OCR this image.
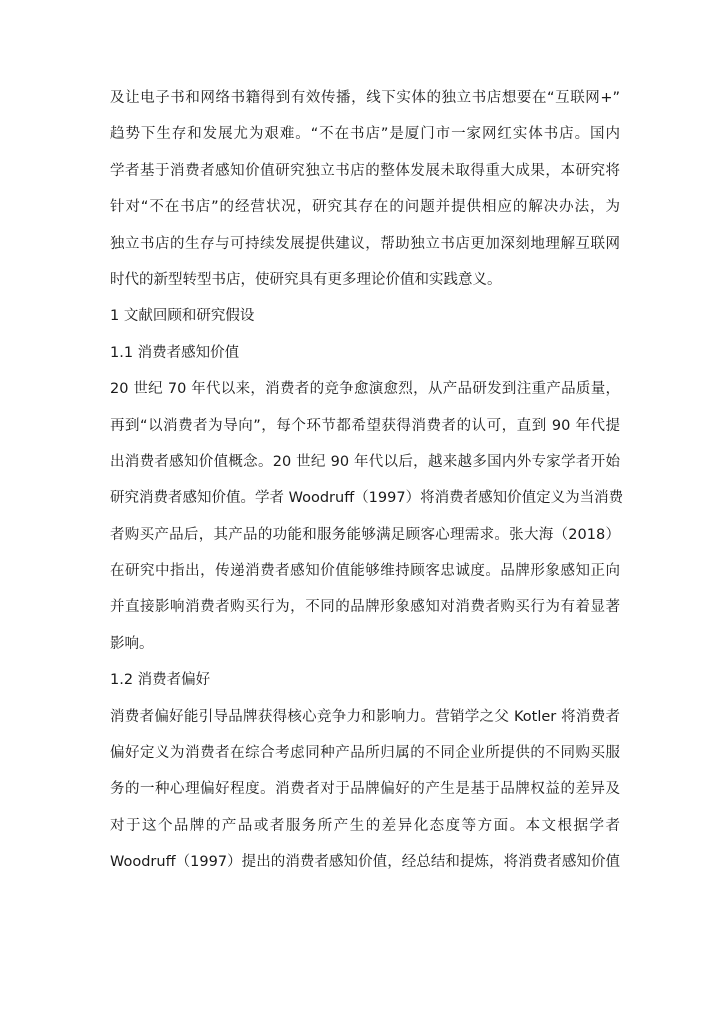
及让电子书和网络书籍得到有效传播，线下实体的独立书店想要在“互联网+”

趋势下生存和发展尤为艰难。“不在书店”是厦门市一家网红实体书店。国内

学者基于消费者感知价值研究独立书店的整体发展未取得重大成果，本研究将

针对“不在书店”的经营状况，研究其存在的问题并提供相应的解决办法，为

独立书店的生存与可持续发展提供建议，帮助独立书店更加深刻地理解互联网

时代的新型转型书店，使研究具有更多理论价值和实践意义。

1 文献回顾和研究假设
1.1 消费者感知价值

20 世纪 70 年代以来，消费者的竞争愈演愈烈，从产品研发到注重产品质量，

再到“以消费者为导向”，每个环节都希望获得消费者的认可，直到 90 年代提

出消费者感知价值概念。20 世纪 90 年代以后，越来越多国内外专家学者开始

研究消费者感知价值。学者 Woodruff（1997）将消费者感知价值定义为当消费

者购买产品后，其产品的功能和服务能够满足顾客心理需求。张大海（2018）

在研究中指出，传递消费者感知价值能够维持顾客忠诚度。品牌形象感知正向

并直接影响消费者购买行为，不同的品牌形象感知对消费者购买行为有着显著

影响。

1.2 消费者偏好

消费者偏好能引导品牌获得核心竞争力和影响力。营销学之父 Kotler 将消费者

偏好定义为消费者在综合考虑同种产品所归属的不同企业所提供的不同购买服

务的一种心理偏好程度。消费者对于品牌偏好的产生是基于品牌权益的差异及

对于这个品牌的产品或者服务所产生的差异化态度等方面。本文根据学者

Woodruff（1997）提出的消费者感知价值，经总结和提炼，将消费者感知价值
